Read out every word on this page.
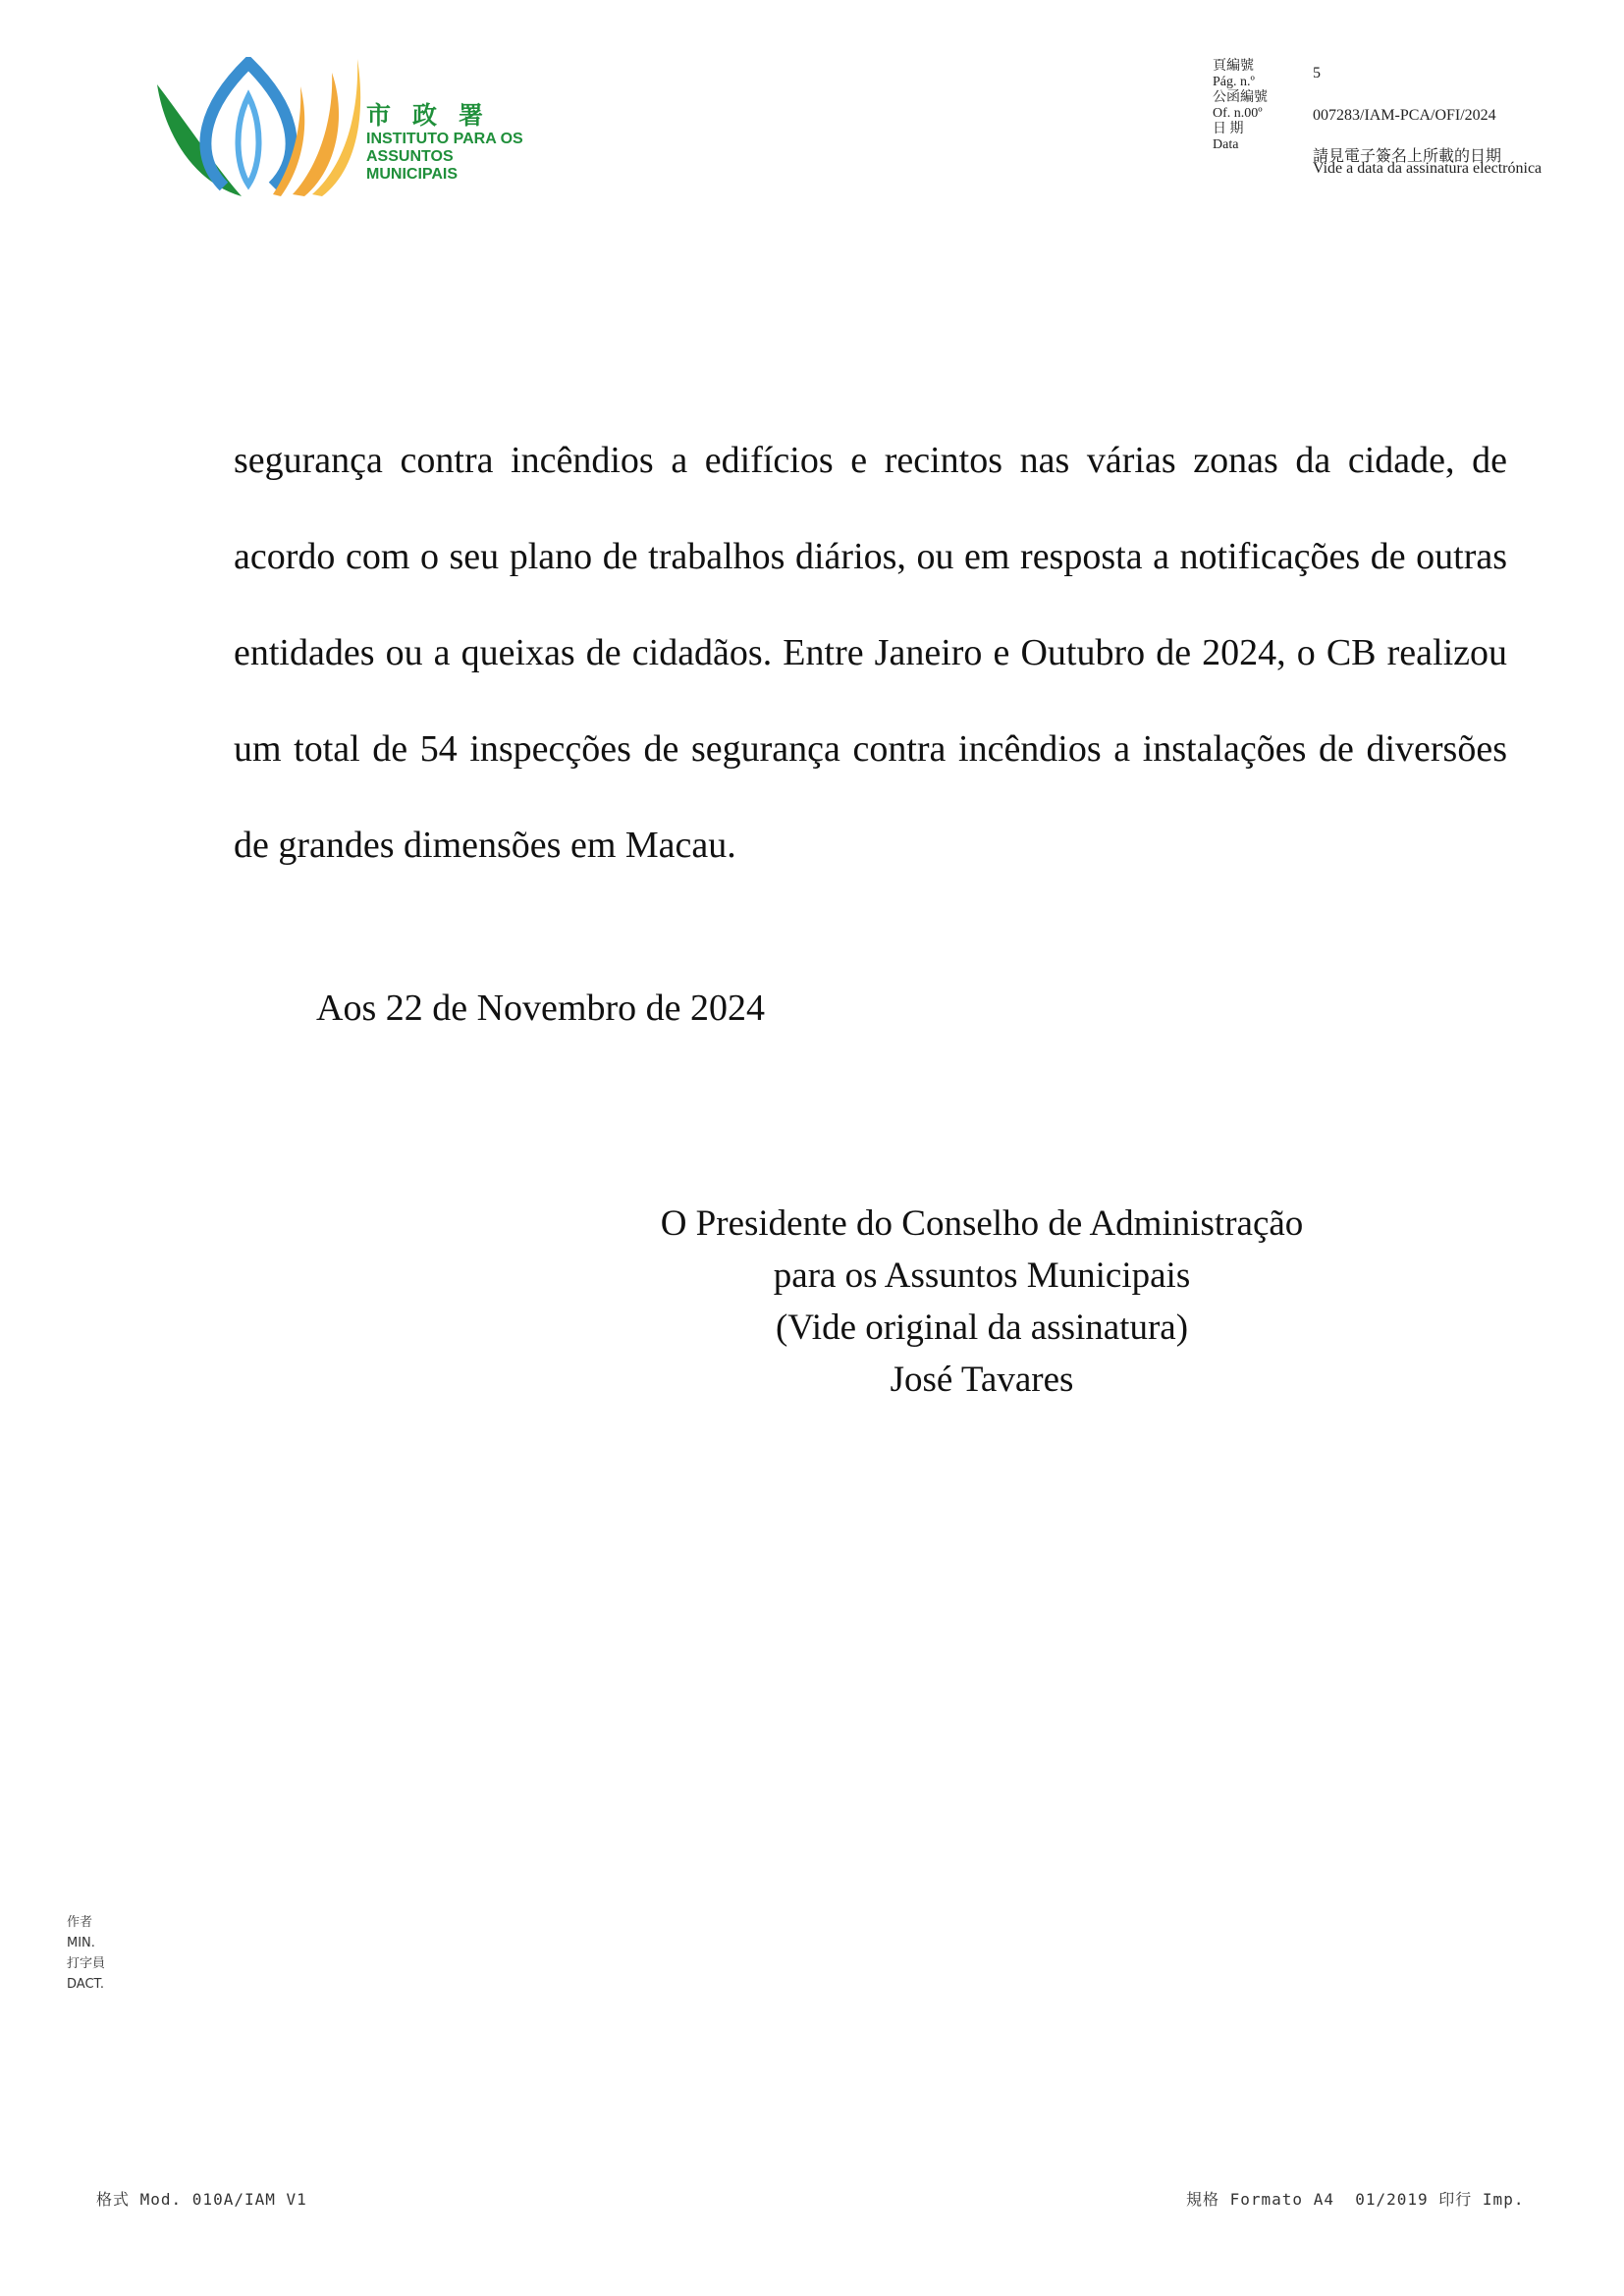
市政署
INSTITUTO PARA OS
ASSUNTOS MUNICIPAIS
頁編號
Pág. n.º
公函編號
Of. n.00º
日 期
Data
5
007283/IAM-PCA/OFI/2024
請見電子簽名上所載的日期
Vide a data da assinatura electrónica

segurança contra incêndios a edifícios e recintos nas várias zonas da cidade, de acordo com o seu plano de trabalhos diários, ou em resposta a notificações de outras entidades ou a queixas de cidadãos. Entre Janeiro e Outubro de 2024, o CB realizou um total de 54 inspecções de segurança contra incêndios a instalações de diversões de grandes dimensões em Macau.

Aos 22 de Novembro de 2024
O Presidente do Conselho de Administração
para os Assuntos Municipais
(Vide original da assinatura)
José Tavares
作者
MIN.
打字員
DACT.
格式 Mod. 010A/IAM V1	規格 Formato A4  01/2019 印行 Imp.
